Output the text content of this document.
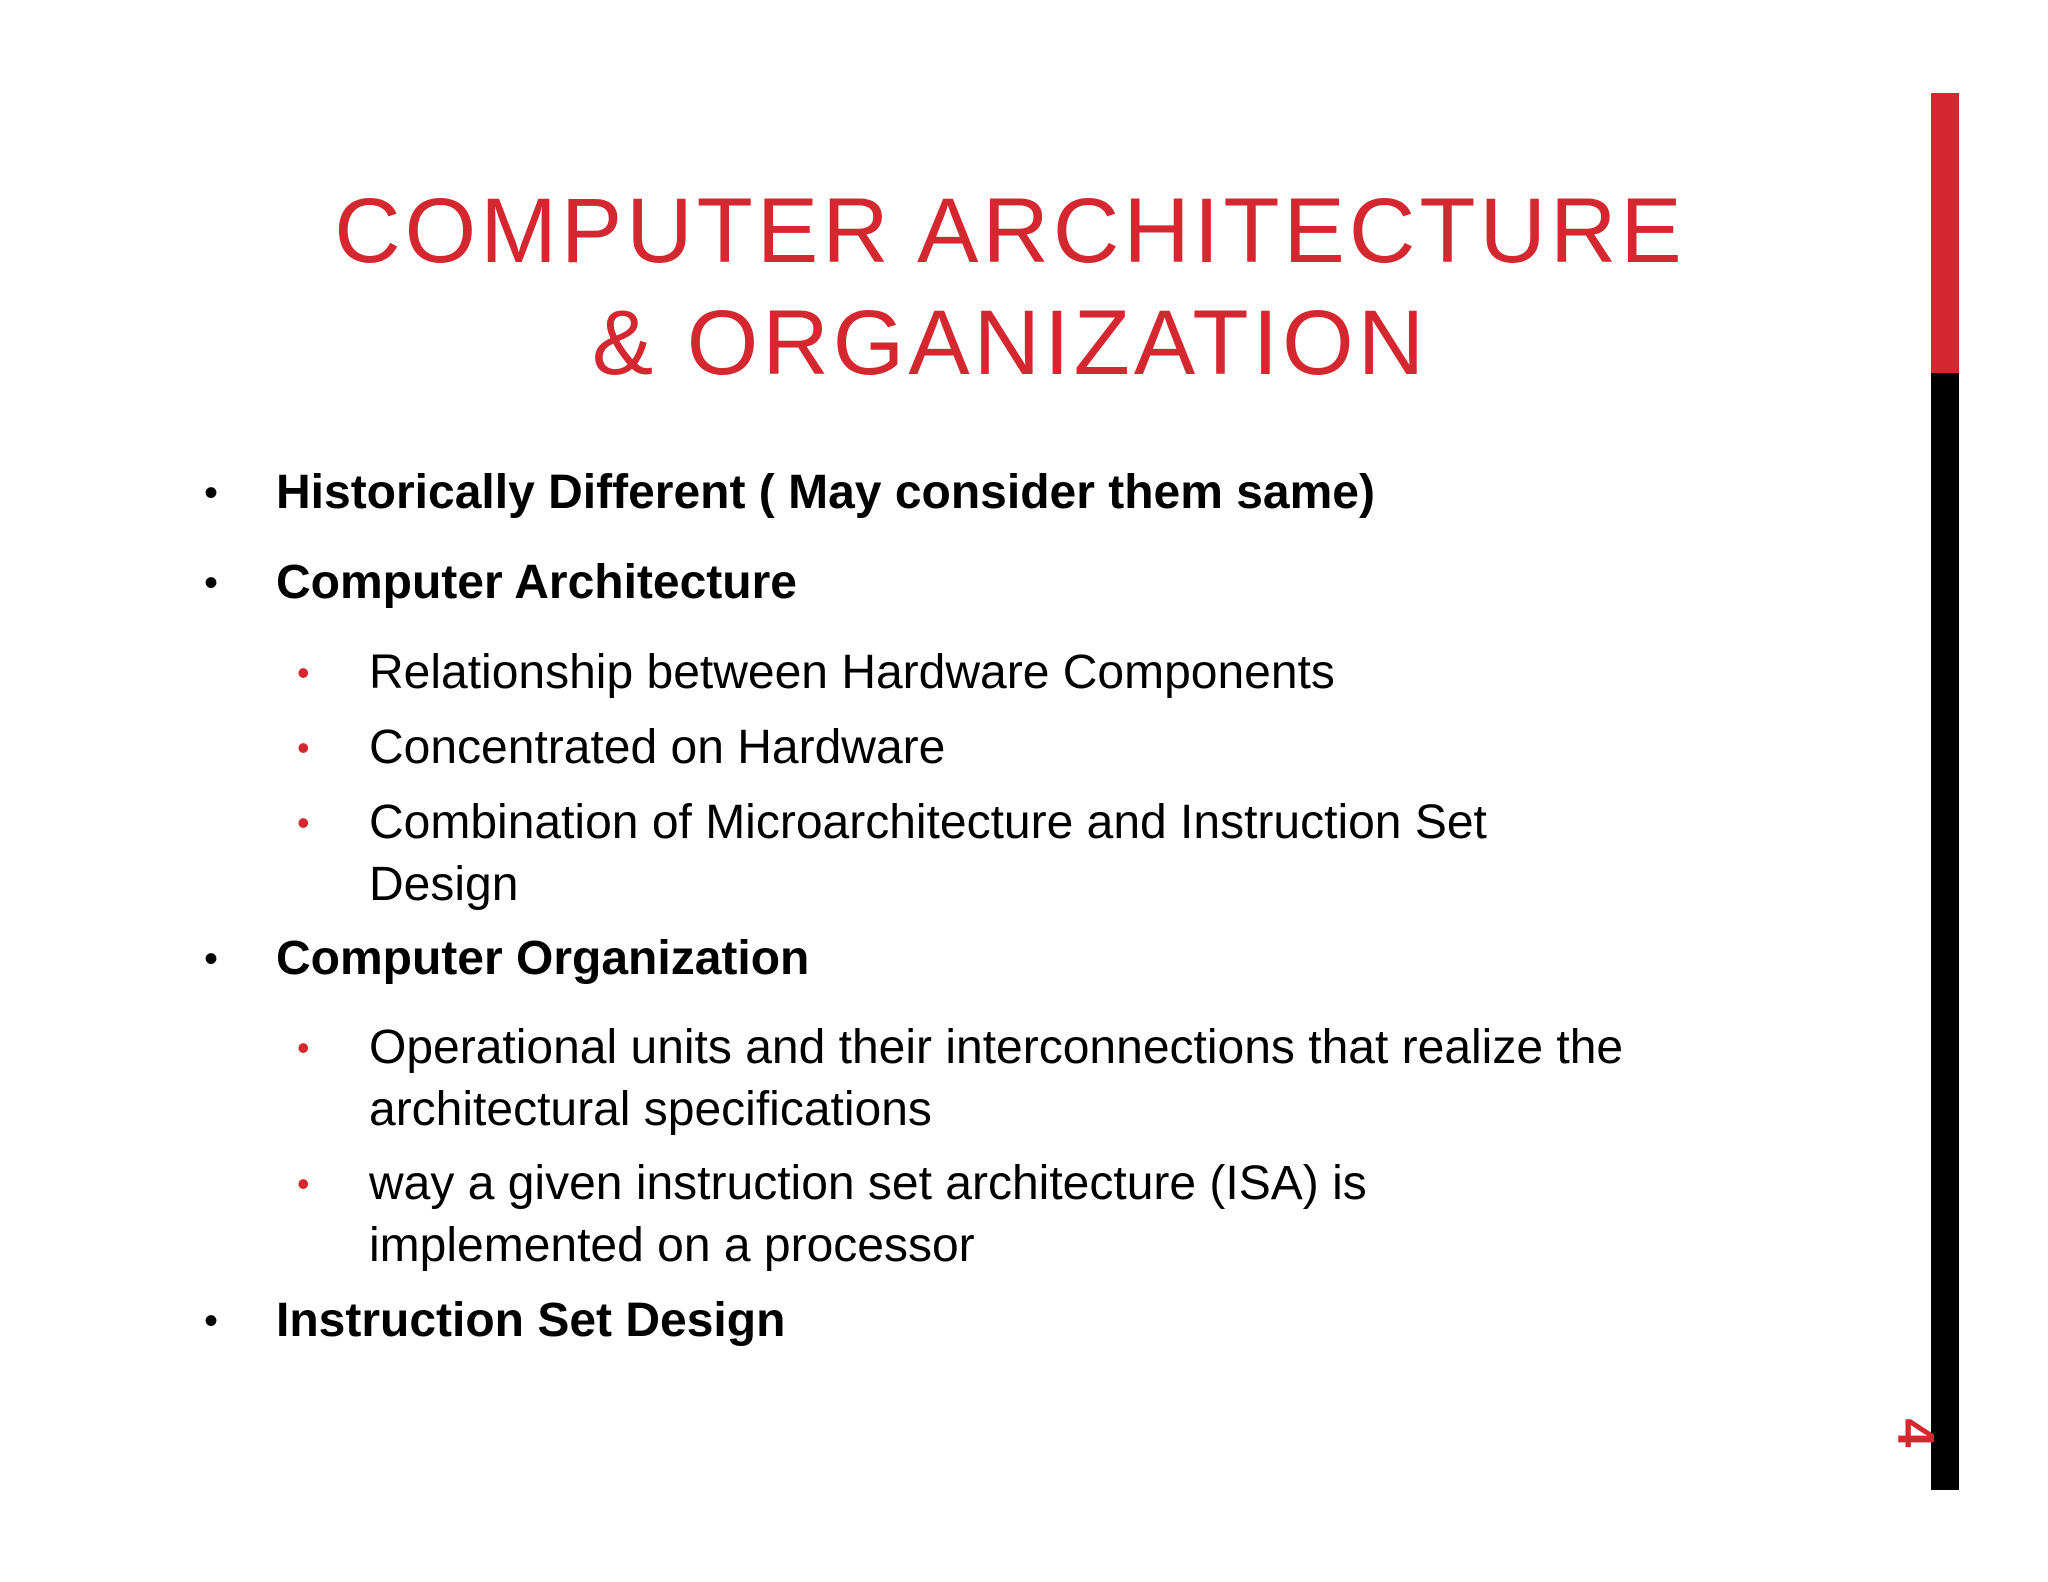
COMPUTER ARCHITECTURE
& ORGANIZATION
• Historically Different ( May consider them same)
• Computer Architecture
• Relationship between Hardware Components
• Concentrated on Hardware
• Combination of Microarchitecture and Instruction Set
Design
• Computer Organization
• Operational units and their interconnections that realize the
architectural specifications
• way a given instruction set architecture (ISA) is
implemented on a processor
• Instruction Set Design
4
